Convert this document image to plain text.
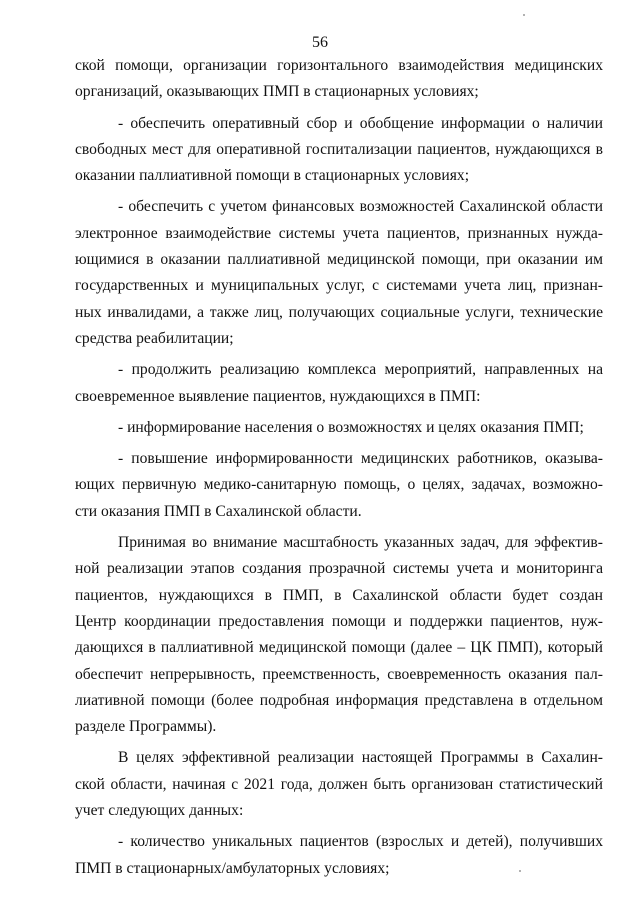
56

ской помощи, организации горизонтального взаимодействия медицинских
организаций, оказывающих ПМП в стационарных условиях;

- обеспечить оперативный сбор и обобщение информации о наличии
свободных мест для оперативной госпитализации пациентов, нуждающихся в
оказании паллиативной помощи в стационарных условиях;

- обеспечить с учетом финансовых возможностей Сахалинской области
электронное взаимодействие системы учета пациентов, признанных нужда-
ющимися в оказании паллиативной медицинской помощи, при оказании им
государственных и муниципальных услуг, с системами учета лиц, признан-
ных инвалидами, а также лиц, получающих социальные услуги, технические
средства реабилитации;

- продолжить реализацию комплекса мероприятий, направленных на
своевременное выявление пациентов, нуждающихся в ПМП:

- информирование населения о возможностях и целях оказания ПМП;

- повышение информированности медицинских работников, оказыва-
ющих первичную медико-санитарную помощь, о целях, задачах, возможно-
сти оказания ПМП в Сахалинской области.

Принимая во внимание масштабность указанных задач, для эффектив-
ной реализации этапов создания прозрачной системы учета и мониторинга
пациентов, нуждающихся в ПМП, в Сахалинской области будет создан
Центр координации предоставления помощи и поддержки пациентов, нуж-
дающихся в паллиативной медицинской помощи (далее – ЦК ПМП), который
обеспечит непрерывность, преемственность, своевременность оказания пал-
лиативной помощи (более подробная информация представлена в отдельном
разделе Программы).

В целях эффективной реализации настоящей Программы в Сахалин-
ской области, начиная с 2021 года, должен быть организован статистический
учет следующих данных:

- количество уникальных пациентов (взрослых и детей), получивших
ПМП в стационарных/амбулаторных условиях;
